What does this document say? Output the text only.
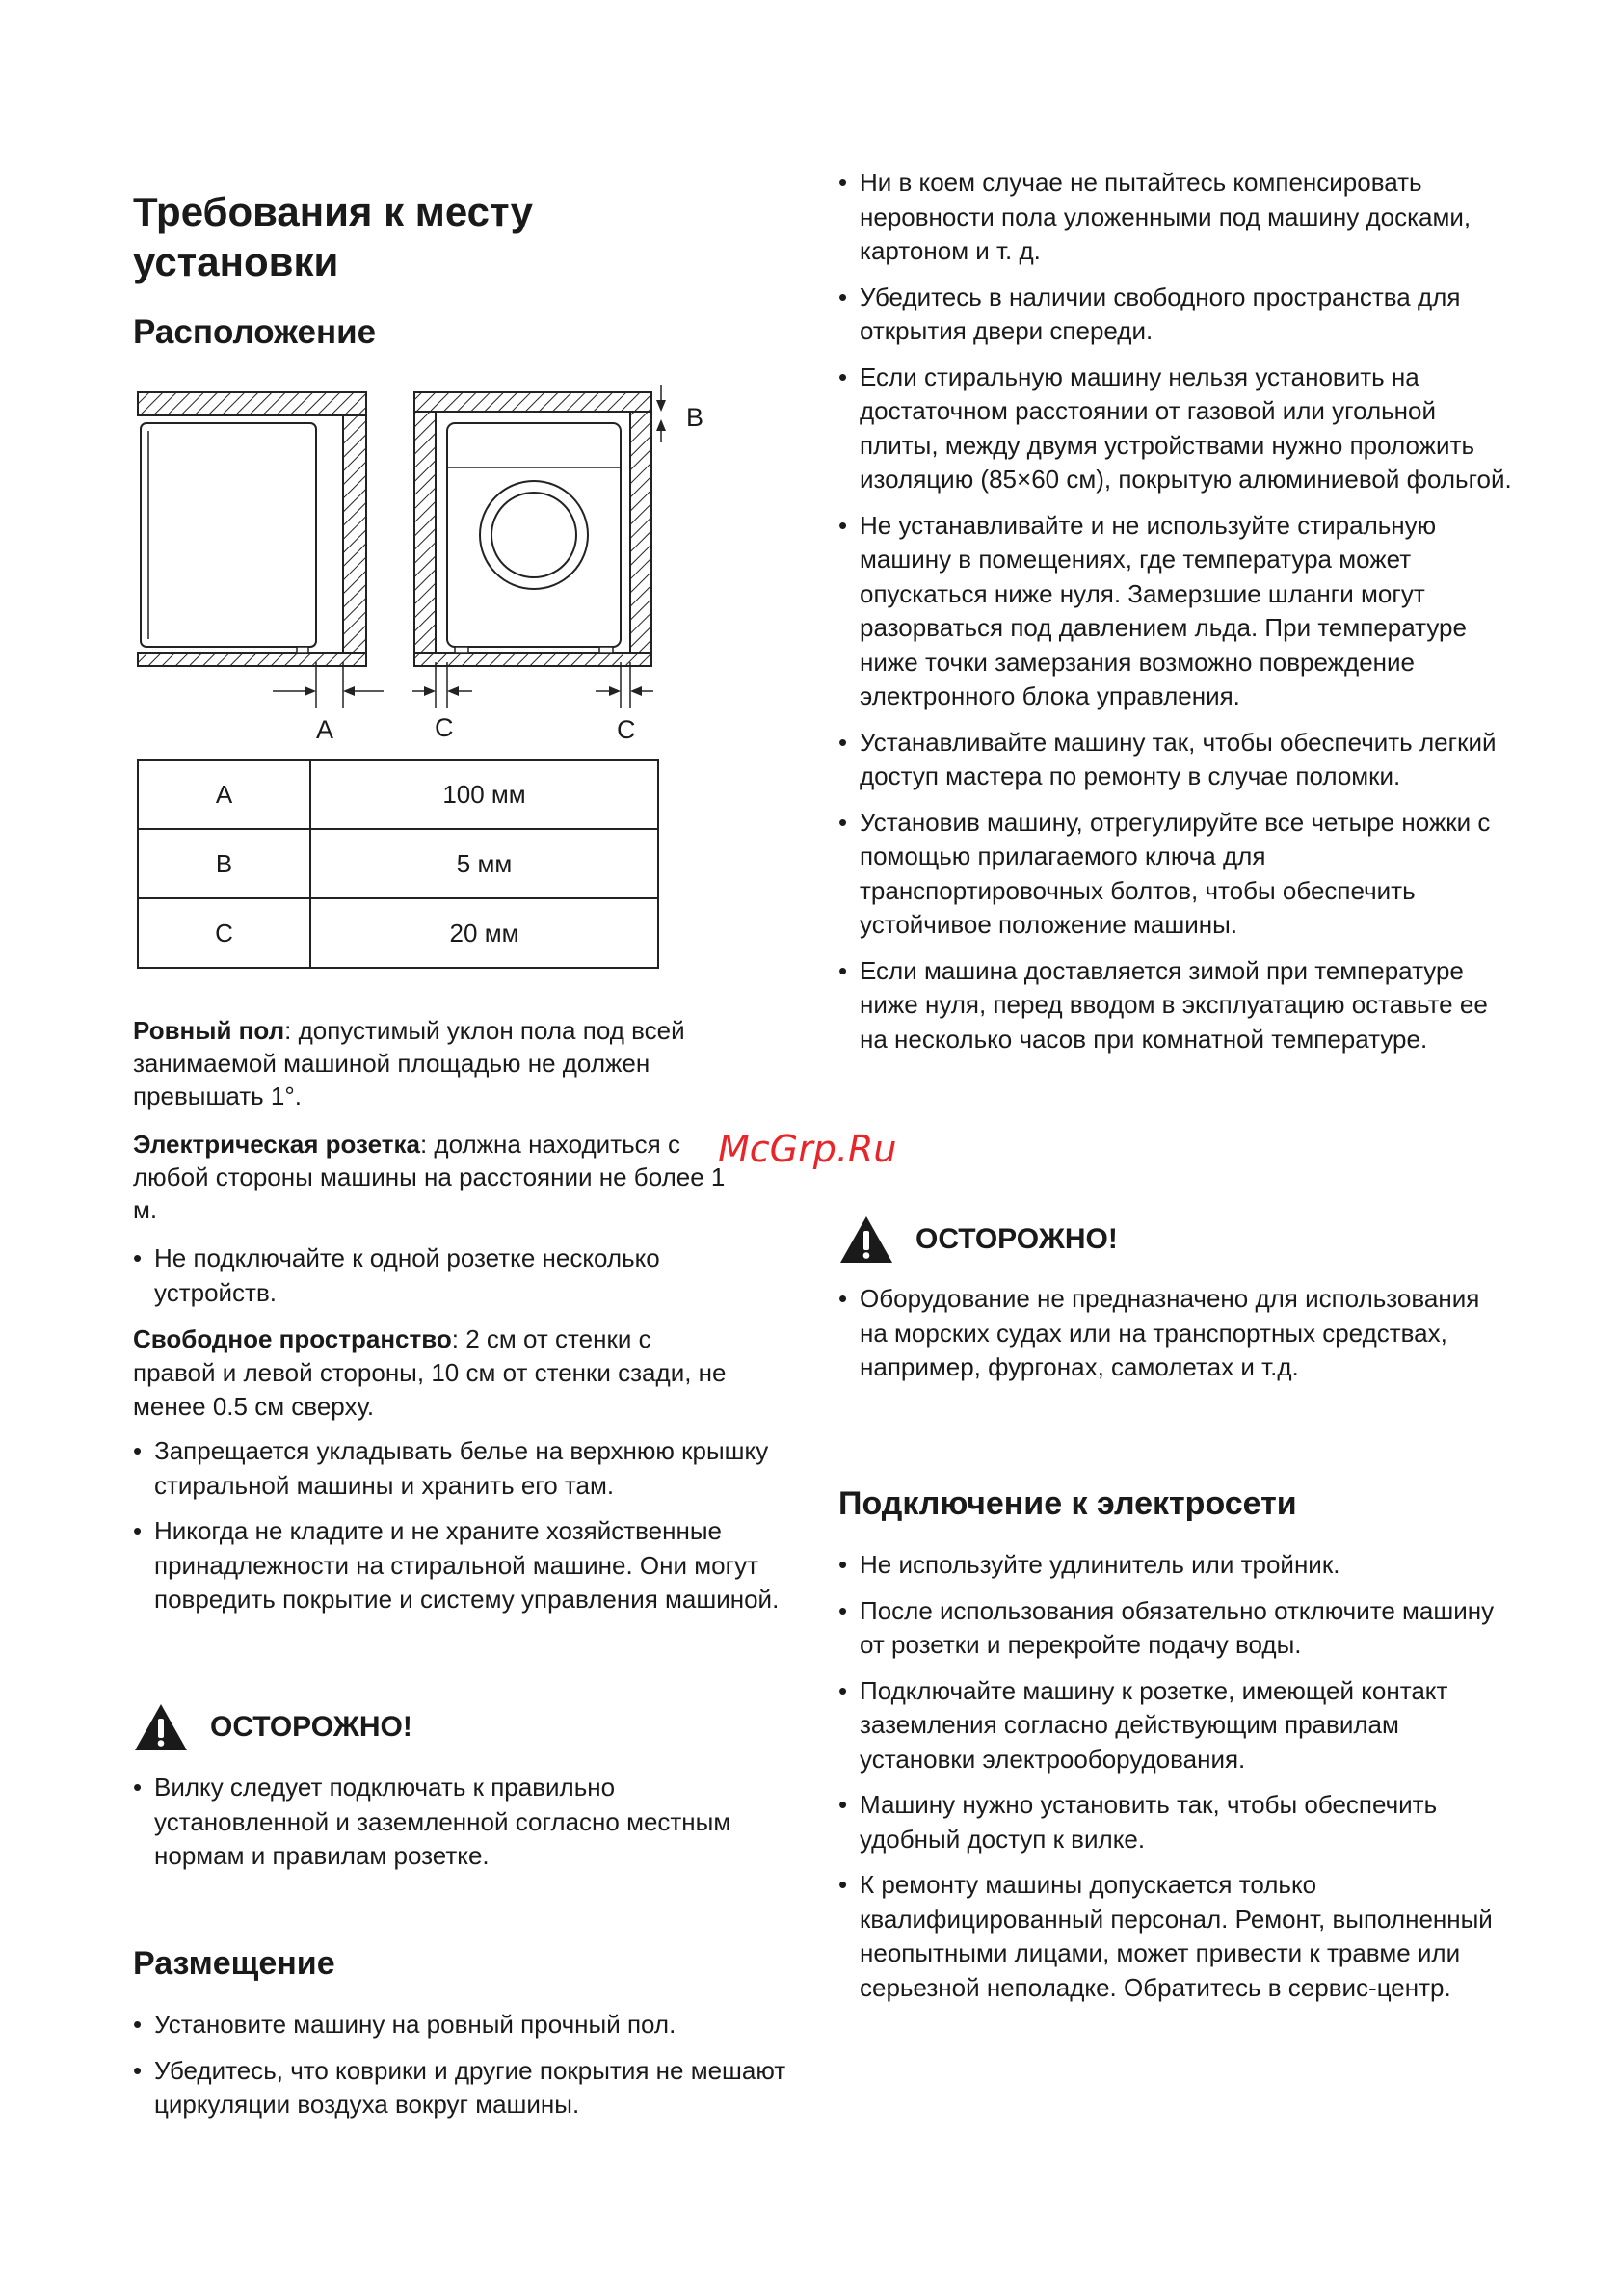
Требования к месту
установки
Расположение
A
B
C	C
A	100 мм
B	5 мм
C	20 мм

Ровный пол: допустимый уклон пола под всей занимаемой машиной площадью не должен превышать 1°.

Электрическая розетка: должна находиться с любой стороны машины на расстоянии не более 1 м.

• Не подключайте к одной розетке несколько устройств.

Свободное пространство: 2 см от стенки с правой и левой стороны, 10 см от стенки сзади, не менее 0.5 см сверху.

• Запрещается укладывать белье на верхнюю крышку стиральной машины и хранить его там.
• Никогда не кладите и не храните хозяйственные принадлежности на стиральной машине. Они могут повредить покрытие и систему управления машиной.
ОСТОРОЖНО!
• Вилку следует подключать к правильно установленной и заземленной согласно местным нормам и правилам розетке.
Размещение
• Установите машину на ровный прочный пол.
• Убедитесь, что коврики и другие покрытия не мешают циркуляции воздуха вокруг машины.
• Ни в коем случае не пытайтесь компенсировать неровности пола уложенными под машину досками, картоном и т. д.
• Убедитесь в наличии свободного пространства для открытия двери спереди.
• Если стиральную машину нельзя установить на достаточном расстоянии от газовой или угольной плиты, между двумя устройствами нужно проложить изоляцию (85×60 см), покрытую алюминиевой фольгой.
• Не устанавливайте и не используйте стиральную машину в помещениях, где температура может опускаться ниже нуля. Замерзшие шланги могут разорваться под давлением льда. При температуре ниже точки замерзания возможно повреждение электронного блока управления.
• Устанавливайте машину так, чтобы обеспечить легкий доступ мастера по ремонту в случае поломки.
• Установив машину, отрегулируйте все четыре ножки с помощью прилагаемого ключа для транспортировочных болтов, чтобы обеспечить устойчивое положение машины.
• Если машина доставляется зимой при температуре ниже нуля, перед вводом в эксплуатацию оставьте ее на несколько часов при комнатной температуре.
ОСТОРОЖНО!
• Оборудование не предназначено для использования на морских судах или на транспортных средствах, например, фургонах, самолетах и т.д.
Подключение к электросети
• Не используйте удлинитель или тройник.
• После использования обязательно отключите машину от розетки и перекройте подачу воды.
• Подключайте машину к розетке, имеющей контакт заземления согласно действующим правилам установки электрооборудования.
• Машину нужно установить так, чтобы обеспечить удобный доступ к вилке.
• К ремонту машины допускается только квалифицированный персонал. Ремонт, выполненный неопытными лицами, может привести к травме или серьезной неполадке. Обратитесь в сервис-центр.
McGrp.Ru
